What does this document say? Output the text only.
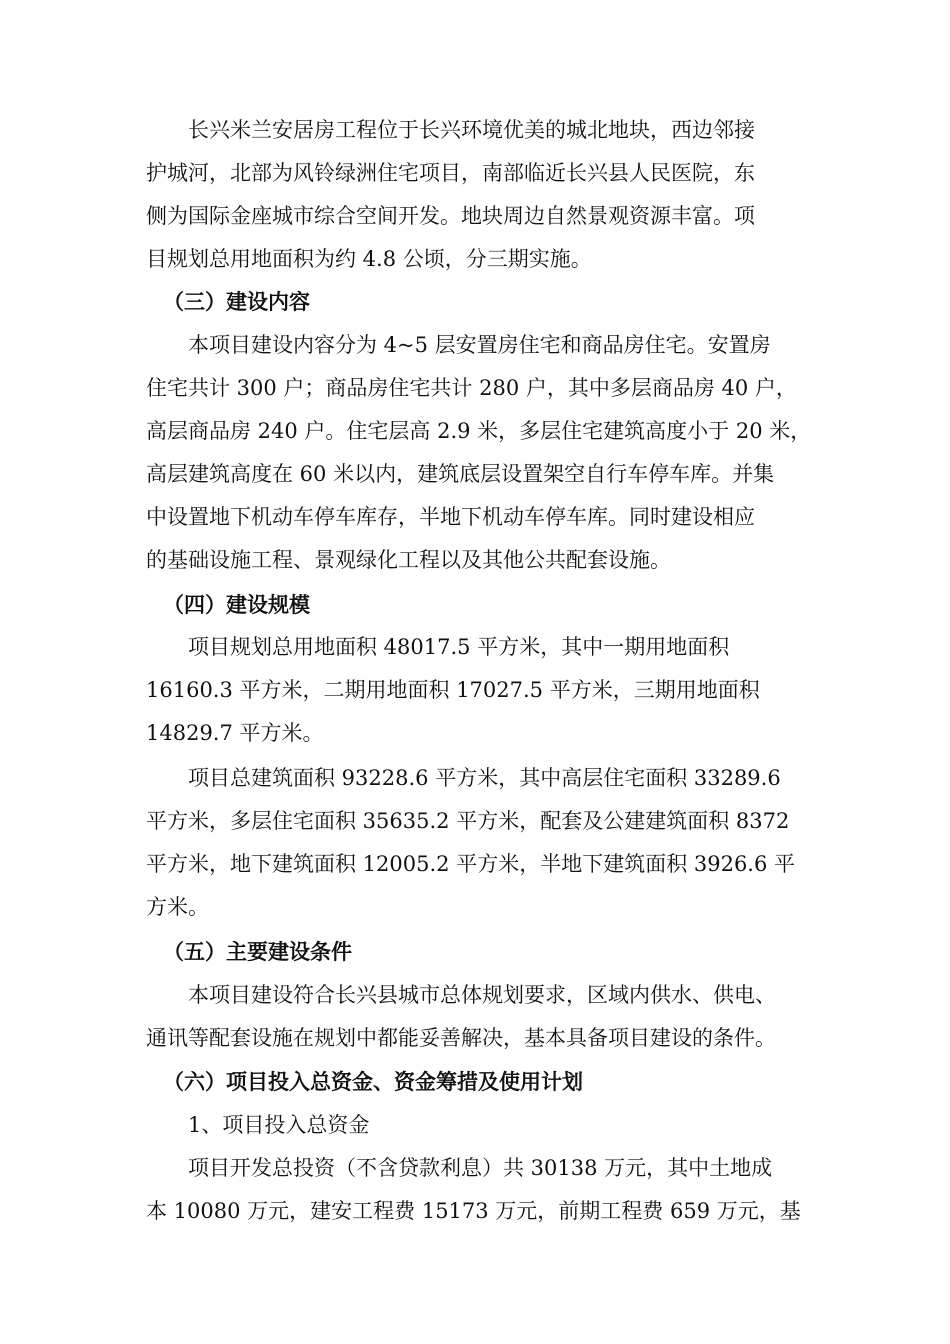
长兴米兰安居房工程位于长兴环境优美的城北地块，西边邻接
护城河，北部为风铃绿洲住宅项目，南部临近长兴县人民医院，东
侧为国际金座城市综合空间开发。地块周边自然景观资源丰富。项
目规划总用地面积为约 4.8 公顷，分三期实施。
（三）建设内容
本项目建设内容分为 4~5 层安置房住宅和商品房住宅。安置房
住宅共计 300 户；商品房住宅共计 280 户，其中多层商品房 40 户，
高层商品房 240 户。住宅层高 2.9 米，多层住宅建筑高度小于 20 米，
高层建筑高度在 60 米以内，建筑底层设置架空自行车停车库。并集
中设置地下机动车停车库存，半地下机动车停车库。同时建设相应
的基础设施工程、景观绿化工程以及其他公共配套设施。
（四）建设规模
项目规划总用地面积 48017.5 平方米，其中一期用地面积
16160.3 平方米，二期用地面积 17027.5 平方米，三期用地面积
14829.7 平方米。
项目总建筑面积 93228.6 平方米，其中高层住宅面积 33289.6
平方米，多层住宅面积 35635.2 平方米，配套及公建建筑面积 8372
平方米，地下建筑面积 12005.2 平方米，半地下建筑面积 3926.6 平
方米。
（五）主要建设条件
本项目建设符合长兴县城市总体规划要求，区域内供水、供电、
通讯等配套设施在规划中都能妥善解决，基本具备项目建设的条件。
（六）项目投入总资金、资金筹措及使用计划
1、项目投入总资金
项目开发总投资（不含贷款利息）共 30138 万元，其中土地成
本 10080 万元，建安工程费 15173 万元，前期工程费 659 万元，基
